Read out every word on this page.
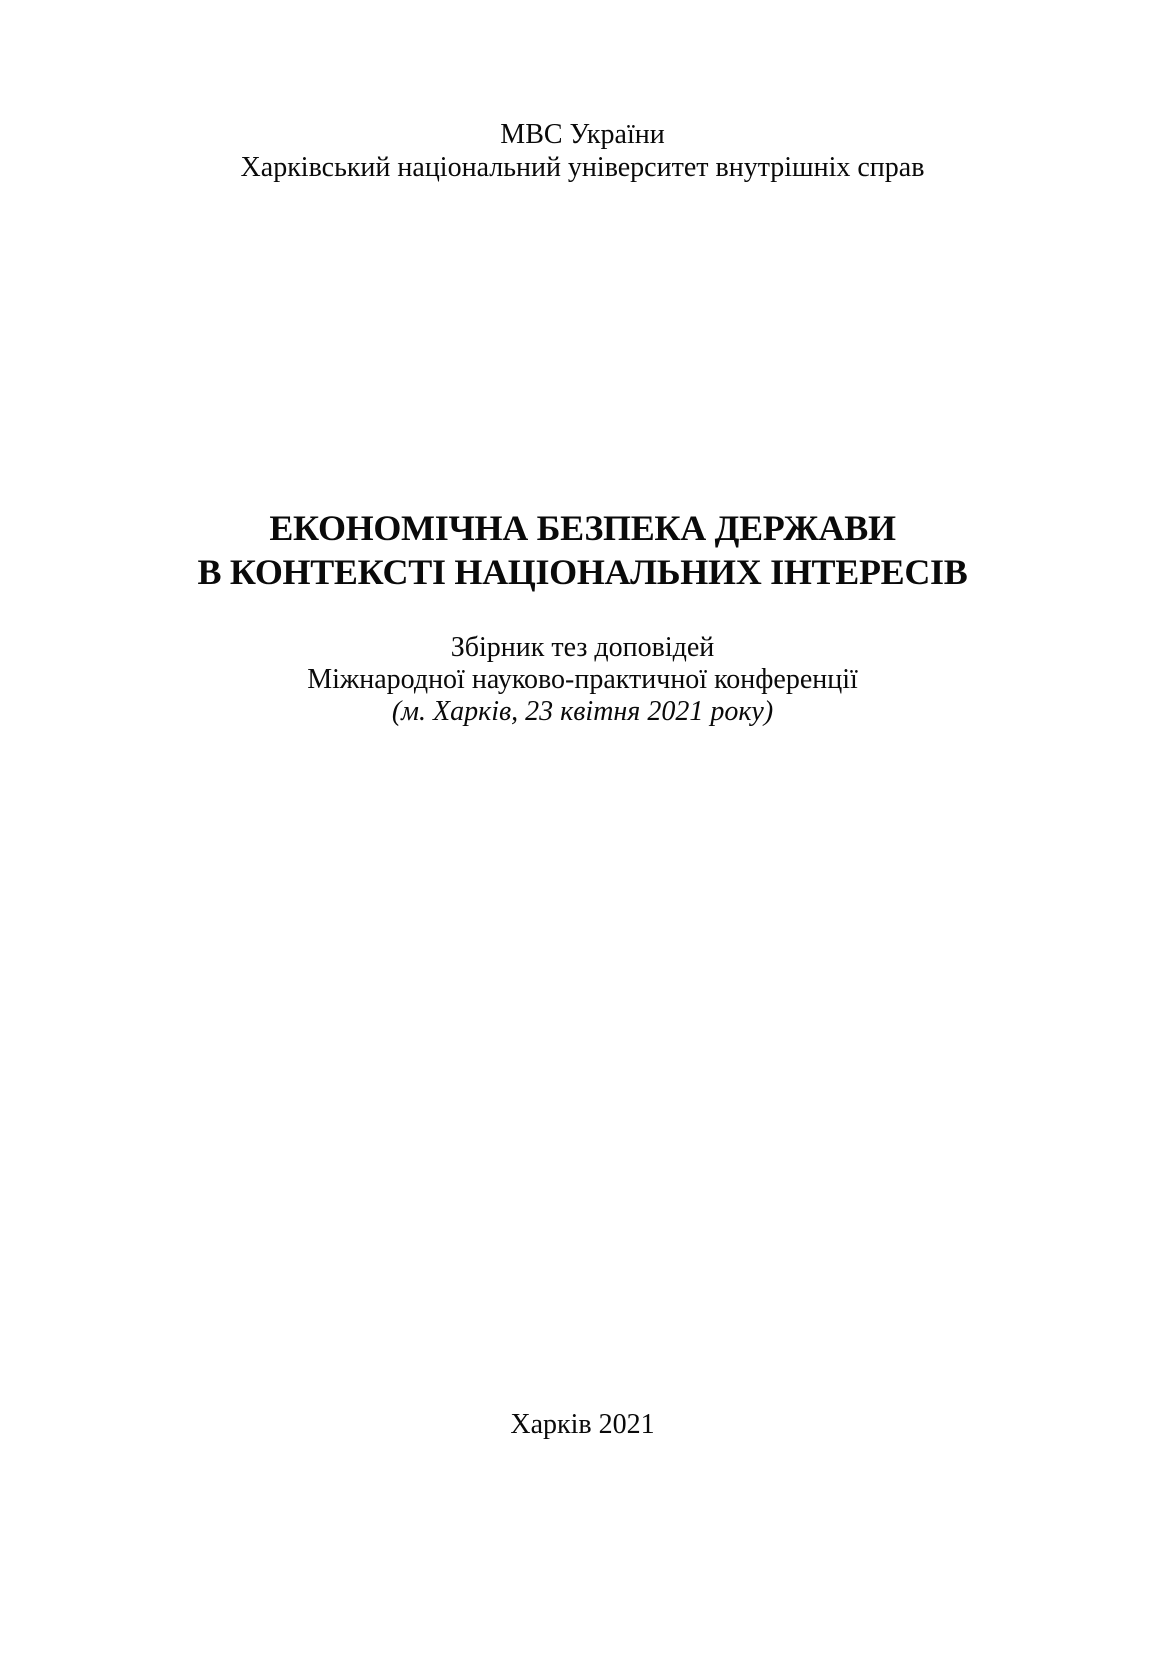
МВС України
Харківський національний університет внутрішніх справ
ЕКОНОМІЧНА БЕЗПЕКА ДЕРЖАВИ
В КОНТЕКСТІ НАЦІОНАЛЬНИХ ІНТЕРЕСІВ
Збірник тез доповідей
Міжнародної науково-практичної конференції
(м. Харків, 23 квітня 2021 року)
Харків 2021
